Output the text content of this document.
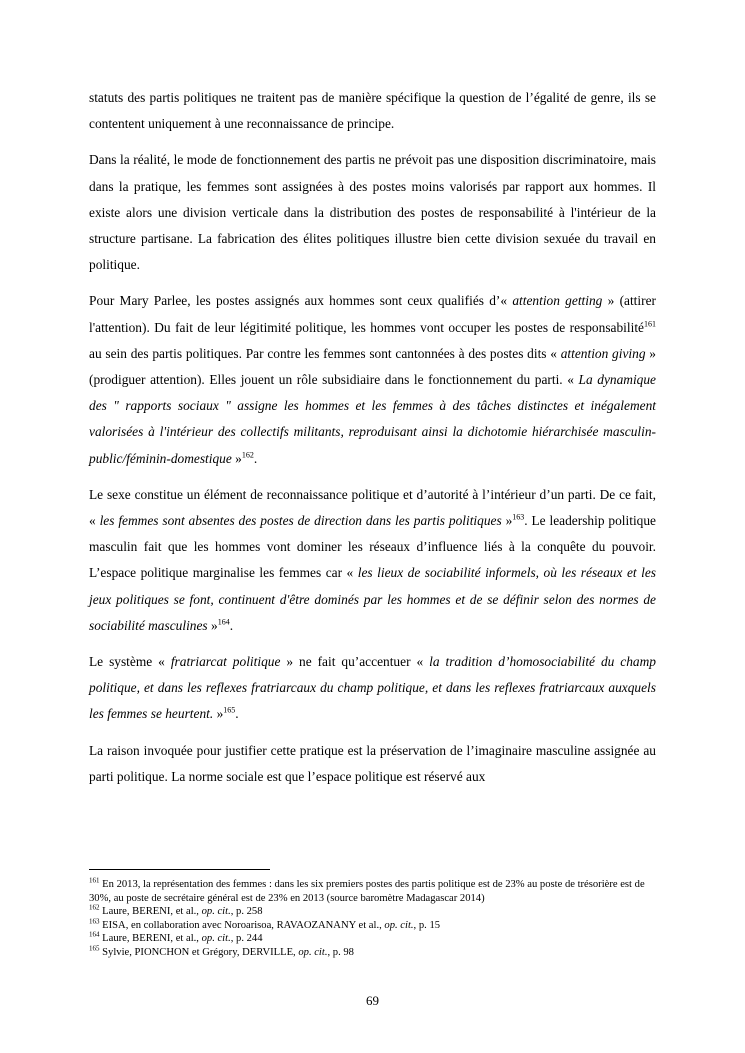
statuts des partis politiques ne traitent pas de manière spécifique la question de l’égalité de genre, ils se contentent uniquement à une reconnaissance de principe.

Dans la réalité, le mode de fonctionnement des partis ne prévoit pas une disposition discriminatoire, mais dans la pratique, les femmes sont assignées à des postes moins valorisés par rapport aux hommes. Il existe alors une division verticale dans la distribution des postes de responsabilité à l'intérieur de la structure partisane. La fabrication des élites politiques illustre bien cette division sexuée du travail en politique.

Pour Mary Parlee, les postes assignés aux hommes sont ceux qualifiés d’« attention getting » (attirer l'attention). Du fait de leur légitimité politique, les hommes vont occuper les postes de responsabilité$^{161}$ au sein des partis politiques. Par contre les femmes sont cantonnées à des postes dits « attention giving » (prodiguer attention). Elles jouent un rôle subsidiaire dans le fonctionnement du parti. « La dynamique des " rapports sociaux " assigne les hommes et les femmes à des tâches distinctes et inégalement valorisées à l'intérieur des collectifs militants, reproduisant ainsi la dichotomie hiérarchisée masculin-public/féminin-domestique »$^{162}$.

Le sexe constitue un élément de reconnaissance politique et d’autorité à l’intérieur d’un parti. De ce fait, « les femmes sont absentes des postes de direction dans les partis politiques »$^{163}$. Le leadership politique masculin fait que les hommes vont dominer les réseaux d’influence liés à la conquête du pouvoir. L’espace politique marginalise les femmes car « les lieux de sociabilité informels, où les réseaux et les jeux politiques se font, continuent d'être dominés par les hommes et de se définir selon des normes de sociabilité masculines »$^{164}$.

Le système « fratriarcat politique » ne fait qu’accentuer « la tradition d’homosociabilité du champ politique, et dans les reflexes fratriarcaux du champ politique, et dans les reflexes fratriarcaux auxquels les femmes se heurtent. »$^{165}$.

La raison invoquée pour justifier cette pratique est la préservation de l’imaginaire masculine assignée au parti politique. La norme sociale est que l’espace politique est réservé aux

$^{161}$ En 2013, la représentation des femmes : dans les six premiers postes des partis politique est de 23% au poste de trésorière est de 30%, au poste de secrétaire général est de 23% en 2013 (source baromètre Madagascar 2014)
$^{162}$ Laure, BERENI, et al., op. cit., p. 258
$^{163}$ EISA, en collaboration avec Noroarisoa, RAVAOZANANY et al., op. cit., p. 15
$^{164}$ Laure, BERENI, et al., op. cit., p. 244
$^{165}$ Sylvie, PIONCHON et Grégory, DERVILLE, op. cit., p. 98
69
